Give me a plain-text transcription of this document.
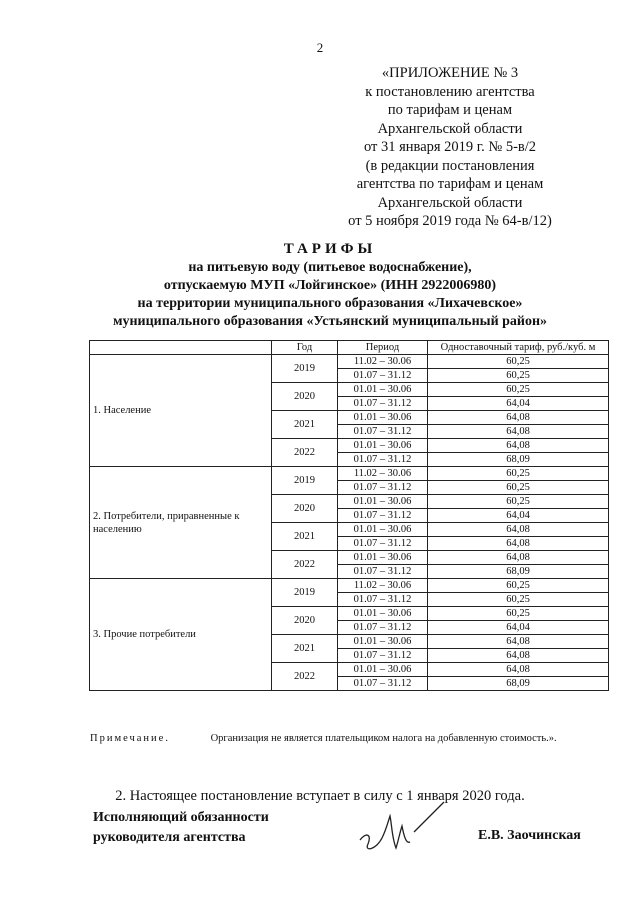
2
«ПРИЛОЖЕНИЕ № 3
к постановлению агентства
по тарифам и ценам
Архангельской области
от 31 января 2019 г. № 5-в/2
(в редакции постановления
агентства по тарифам и ценам
Архангельской области
от 5 ноября 2019 года № 64-в/12)
ТАРИФЫ
на питьевую воду (питьевое водоснабжение),
отпускаемую МУП «Лойгинское» (ИНН 2922006980)
на территории муниципального образования «Лихачевское»
муниципального образования «Устьянский муниципальный район»
	Год	Период	Одноставочный тариф, руб./куб. м
1. Население	2019	11.02 – 30.06	60,25
		01.07 – 31.12	60,25
	2020	01.01 – 30.06	60,25
		01.07 – 31.12	64,04
	2021	01.01 – 30.06	64,08
		01.07 – 31.12	64,08
	2022	01.01 – 30.06	64,08
		01.07 – 31.12	68,09
2. Потребители, приравненные к населению	2019	11.02 – 30.06	60,25
		01.07 – 31.12	60,25
	2020	01.01 – 30.06	60,25
		01.07 – 31.12	64,04
	2021	01.01 – 30.06	64,08
		01.07 – 31.12	64,08
	2022	01.01 – 30.06	64,08
		01.07 – 31.12	68,09
3. Прочие потребители	2019	11.02 – 30.06	60,25
		01.07 – 31.12	60,25
	2020	01.01 – 30.06	60,25
		01.07 – 31.12	64,04
	2021	01.01 – 30.06	64,08
		01.07 – 31.12	64,08
	2022	01.01 – 30.06	64,08
		01.07 – 31.12	68,09
Примечание.	Организация не является плательщиком налога на добавленную стоимость.».
2. Настоящее постановление вступает в силу с 1 января 2020 года.
Исполняющий обязанности
руководителя агентства	Е.В. Заочинская
